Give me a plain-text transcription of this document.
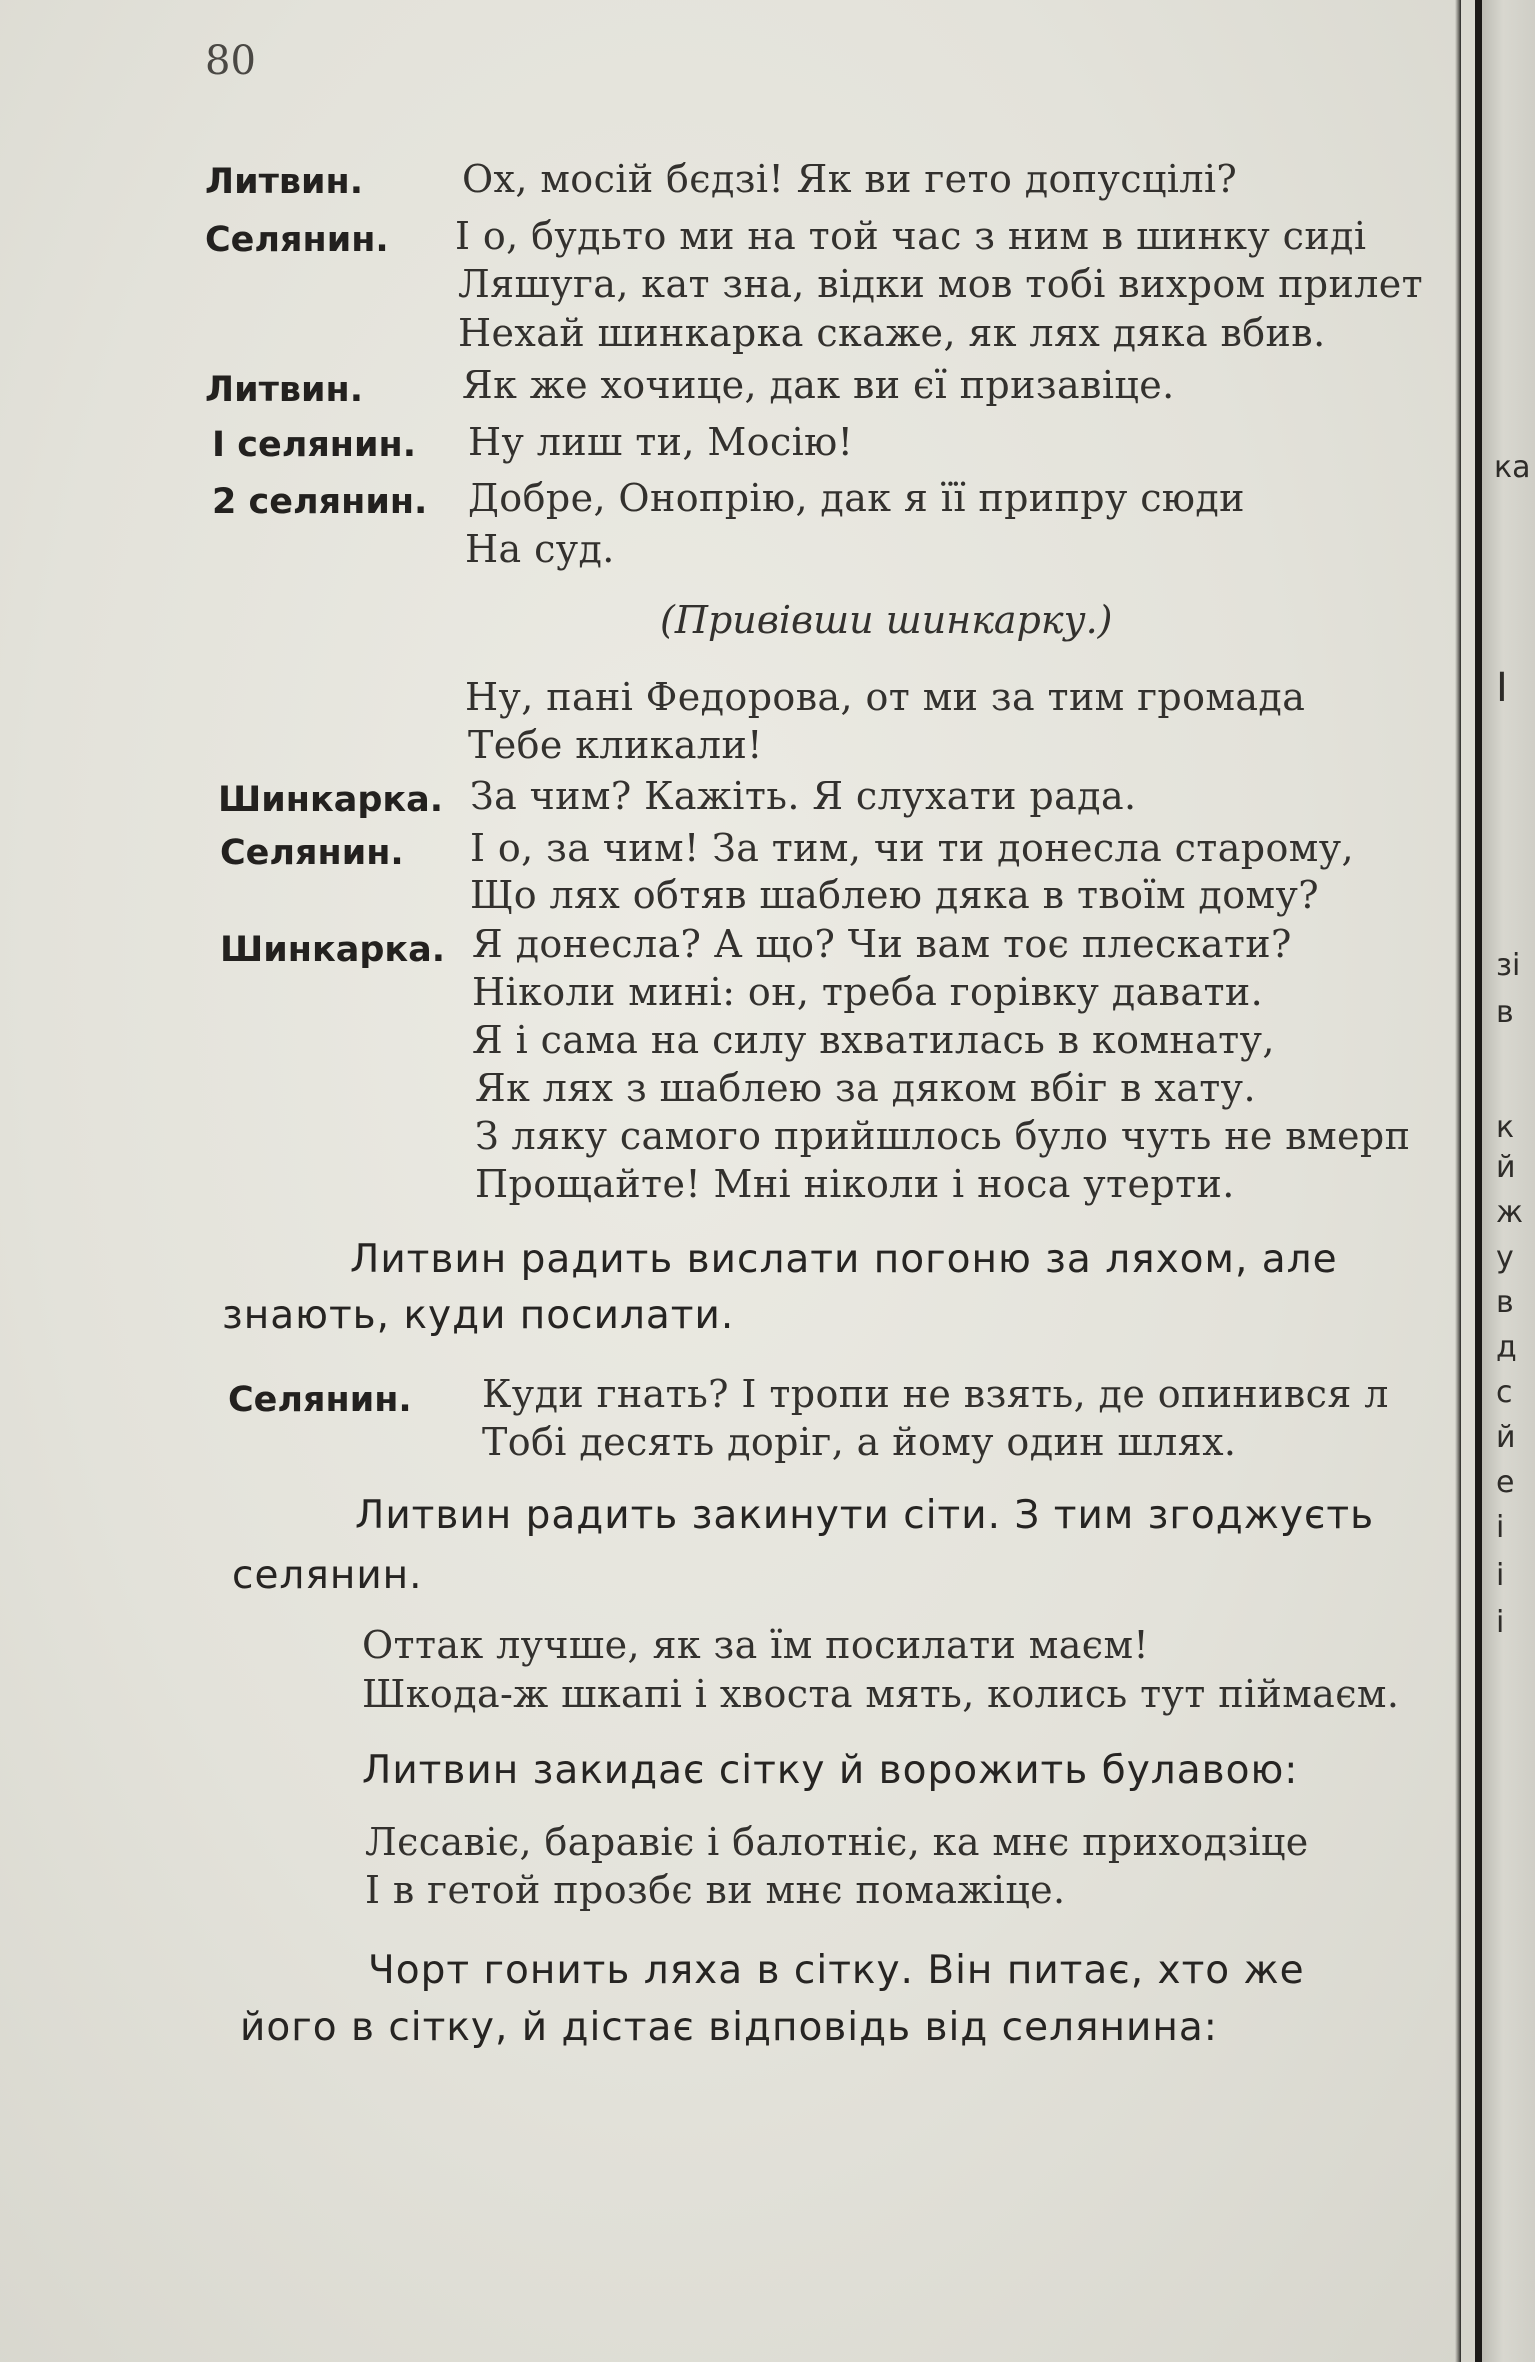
80
Литвин.	Ох, мосій бєдзі! Як ви гето допусцілі?
Селянин. І о, будьто ми на той час з ним в шинку сиді
Ляшуга, кат зна, відки мов тобі вихром прилет
Нехай шинкарка скаже, як лях дяка вбив.
Литвин.	Як же хочице, дак ви єї призавіце.
І селянин. Ну лиш ти, Мосію!
2 селянин. Добре, Онопрію, дак я її припру сюди
На суд.
(Привівши шинкарку.)
Ну, пані Федорова, от ми за тим громада
Тебе кликали!
Шинкарка. За чим? Кажіть. Я слухати рада.
Селянин. І о, за чим! За тим, чи ти донесла старому,
Що лях обтяв шаблею дяка в твоїм дому?
Шинкарка. Я донесла? А що? Чи вам тоє плескати?
Ніколи мині: он, треба горівку давати.
Я і сама на силу вхватилась в комнату,
Як лях з шаблею за дяком вбіг в хату.
З ляку самого прийшлось було чуть не вмерп
Прощайте! Мні ніколи і носа утерти.
Литвин радить вислати погоню за ляхом, але
знають, куди посилати.
Селянин. Куди гнать? І тропи не взять, де опинився л
Тобі десять доріг, а йому один шлях.
Литвин радить закинути сіти. З тим згоджуєть
селянин.
Оттак лучше, як за їм посилати маєм!
Шкода-ж шкапі і хвоста мять, колись тут піймаєм.
Литвин закидає сітку й ворожить булавою:
Лєсавіє, баравіє і балотніє, ка мнє приходзіце
І в гетой прозбє ви мнє помажіце.
Чорт гонить ляха в сітку. Він питає, хто же
його в сітку, й дістає відповідь від селянина:
ка
І
зі
в
к
й
ж
у
в
д
с
й
е
і
і
і
